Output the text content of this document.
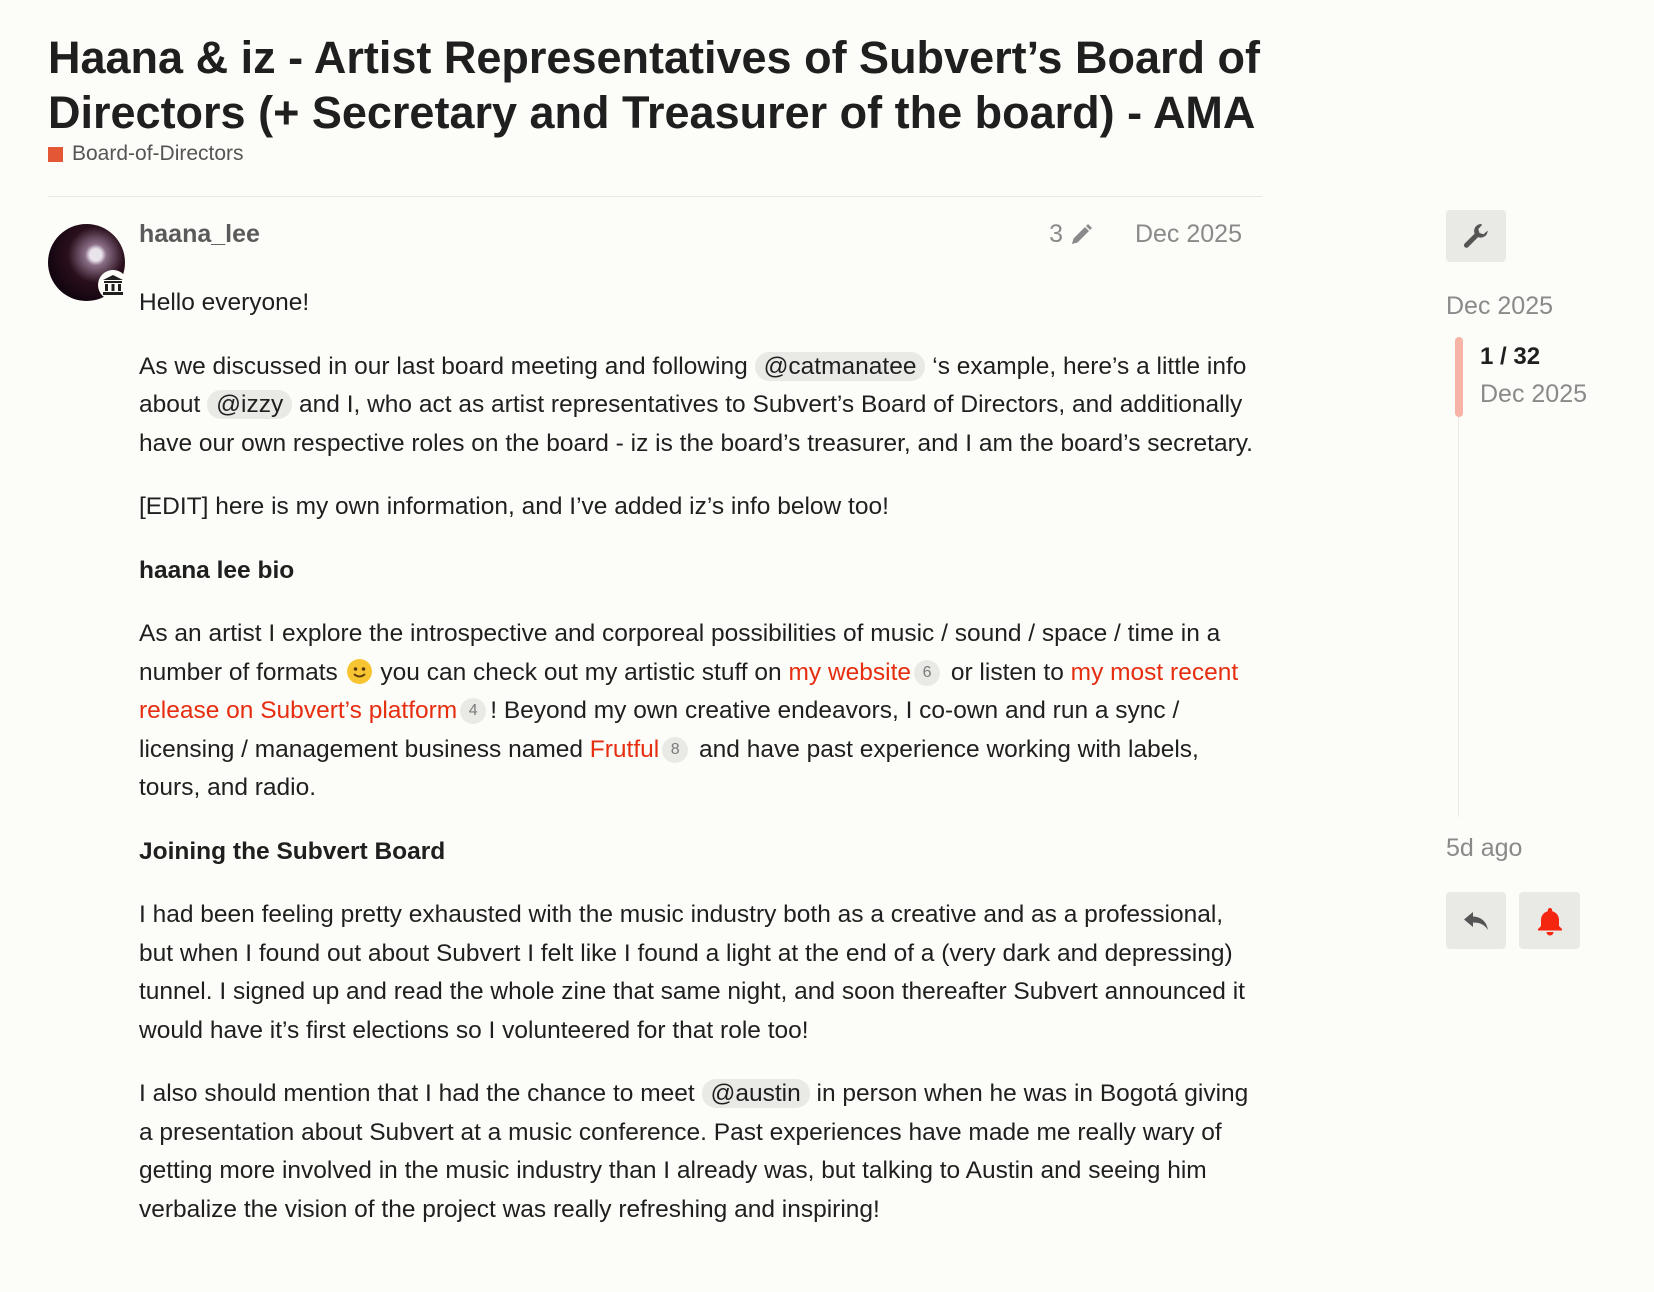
Haana & iz - Artist Representatives of Subvert’s Board of Directors (+ Secretary and Treasurer of the board) - AMA
Board-of-Directors
haana_lee	3	Dec 2025

Hello everyone!

As we discussed in our last board meeting and following @catmanatee ‘s example, here’s a little info about @izzy and I, who act as artist representatives to Subvert’s Board of Directors, and additionally have our own respective roles on the board - iz is the board’s treasurer, and I am the board’s secretary.

[EDIT] here is my own information, and I’ve added iz’s info below too!

haana lee bio

As an artist I explore the introspective and corporeal possibilities of music / sound / space / time in a number of formats
you can check out my artistic stuff on my website 6 or listen to my most recent release on Subvert’s platform 4 ! Beyond my own creative endeavors, I co-own and run a sync / licensing / management business named Frutful 8 and have past experience working with labels, tours, and radio.

Joining the Subvert Board

I had been feeling pretty exhausted with the music industry both as a creative and as a professional, but when I found out about Subvert I felt like I found a light at the end of a (very dark and depressing) tunnel. I signed up and read the whole zine that same night, and soon thereafter Subvert announced it would have it’s first elections so I volunteered for that role too!

I also should mention that I had the chance to meet @austin in person when he was in Bogotá giving a presentation about Subvert at a music conference. Past experiences have made me really wary of getting more involved in the music industry than I already was, but talking to Austin and seeing him verbalize the vision of the project was really refreshing and inspiring!

Dec 2025
1 / 32
Dec 2025
5d ago
